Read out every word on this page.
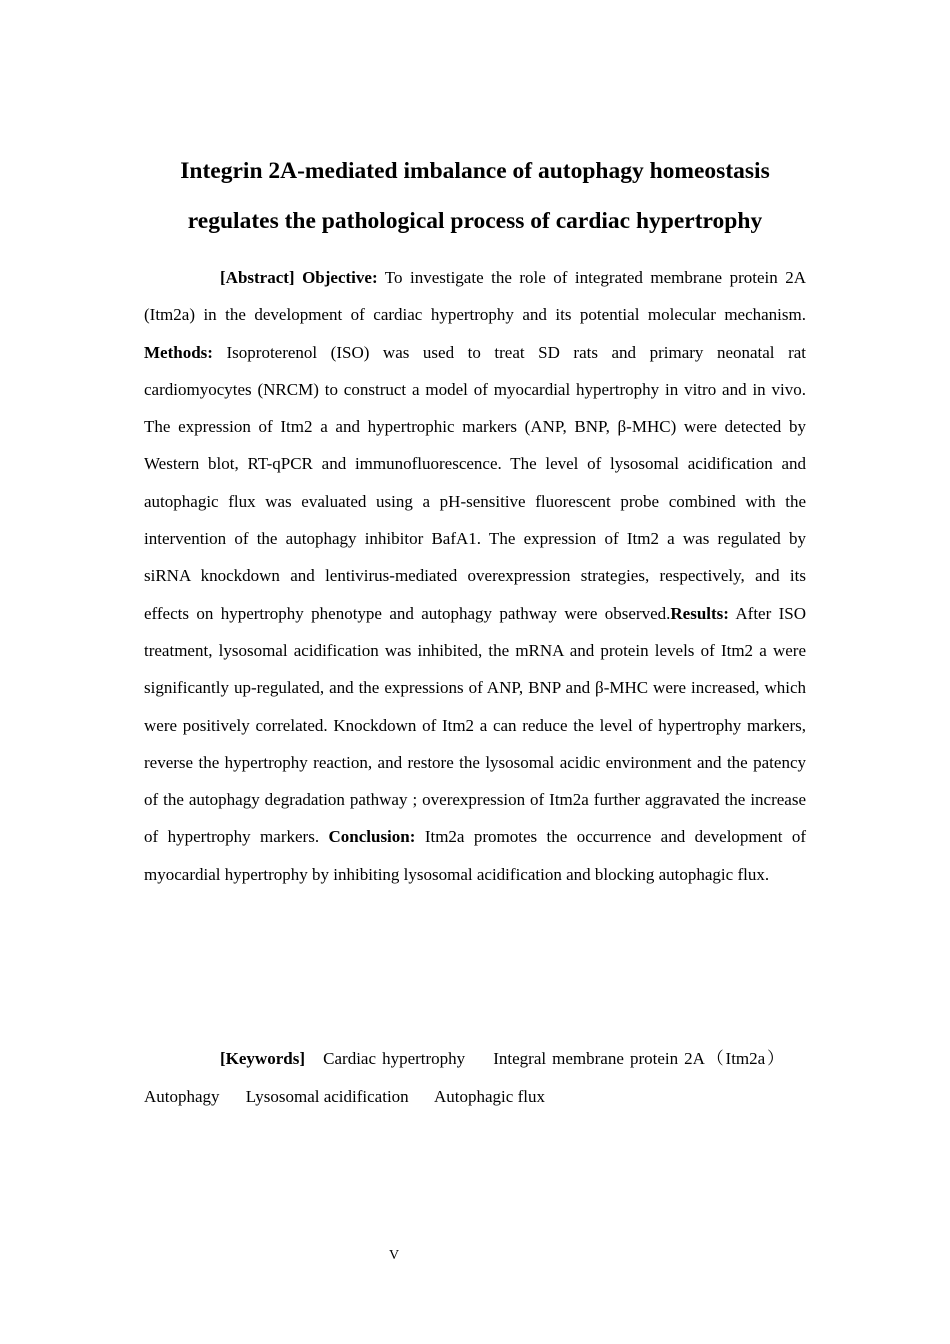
Integrin 2A-mediated imbalance of autophagy homeostasis
regulates the pathological process of cardiac hypertrophy

[Abstract] Objective: To investigate the role of integrated membrane protein 2A (Itm2a) in the development of cardiac hypertrophy and its potential molecular mechanism. Methods: Isoproterenol (ISO) was used to treat SD rats and primary neonatal rat cardiomyocytes (NRCM) to construct a model of myocardial hypertrophy in vitro and in vivo. The expression of Itm2 a and hypertrophic markers (ANP, BNP, β-MHC) were detected by Western blot, RT-qPCR and immunofluorescence. The level of lysosomal acidification and autophagic flux was evaluated using a pH-sensitive fluorescent probe combined with the intervention of the autophagy inhibitor BafA1. The expression of Itm2 a was regulated by siRNA knockdown and lentivirus-mediated overexpression strategies, respectively, and its effects on hypertrophy phenotype and autophagy pathway were observed.Results: After ISO treatment, lysosomal acidification was inhibited, the mRNA and protein levels of Itm2 a were significantly up-regulated, and the expressions of ANP, BNP and β-MHC were increased, which were positively correlated. Knockdown of Itm2 a can reduce the level of hypertrophy markers, reverse the hypertrophy reaction, and restore the lysosomal acidic environment and the patency of the autophagy degradation pathway ; overexpression of Itm2a further aggravated the increase of hypertrophy markers. Conclusion: Itm2a promotes the occurrence and development of myocardial hypertrophy by inhibiting lysosomal acidification and blocking autophagic flux.

[Keywords] Cardiac hypertrophy Integral membrane protein 2A（Itm2a） Autophagy Lysosomal acidification Autophagic flux

V
